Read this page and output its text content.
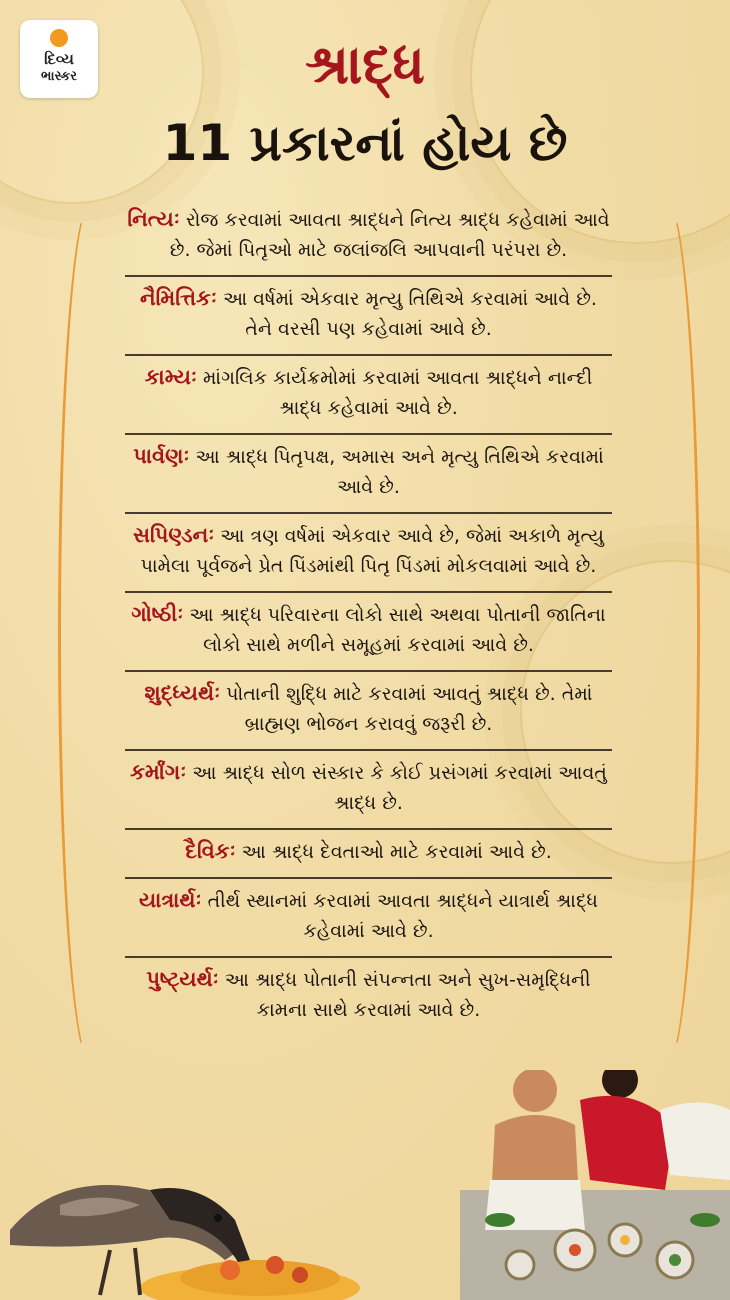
દિવ્ય
ભાસ્કર	શ્રાદ્ધ
11 પ્રકારનાં હોય છે
નિત્યઃ રોજ કરવામાં આવતા શ્રાદ્ધને નિત્ય શ્રાદ્ધ કહેવામાં આવે છે. જેમાં પિતૃઓ માટે જલાંજલિ આપવાની પરંપરા છે.
નૈમિત્તિકઃ આ વર્ષમાં એકવાર મૃત્યુ તિથિએ કરવામાં આવે છે. તેને વરસી પણ કહેવામાં આવે છે.
કામ્યઃ માંગલિક કાર્યક્રમોમાં કરવામાં આવતા શ્રાદ્ધને નાન્દી શ્રાદ્ધ કહેવામાં આવે છે.
પાર્વણઃ આ શ્રાદ્ધ પિતૃપક્ષ, અમાસ અને મૃત્યુ તિથિએ કરવામાં આવે છે.
સપિણ્ડનઃ આ ત્રણ વર્ષમાં એકવાર આવે છે, જેમાં અકાળે મૃત્યુ પામેલા પૂર્વજને પ્રેત પિંડમાંથી પિતૃ પિંડમાં મોકલવામાં આવે છે.
ગોષ્ઠીઃ આ શ્રાદ્ધ પરિવારના લોકો સાથે અથવા પોતાની જાતિના લોકો સાથે મળીને સમૂહમાં કરવામાં આવે છે.
શુદ્ધ્યર્થઃ પોતાની શુદ્ધિ માટે કરવામાં આવતું શ્રાદ્ધ છે. તેમાં બ્રાહ્મણ ભોજન કરાવવું જરૂરી છે.
કર્માંગઃ આ શ્રાદ્ધ સોળ સંસ્કાર કે કોઈ પ્રસંગમાં કરવામાં આવતું શ્રાદ્ધ છે.
દૈવિકઃ આ શ્રાદ્ધ દેવતાઓ માટે કરવામાં આવે છે.
યાત્રાર્થઃ તીર્થ સ્થાનમાં કરવામાં આવતા શ્રાદ્ધને યાત્રાર્થ શ્રાદ્ધ કહેવામાં આવે છે.
પુષ્ટ્યર્થઃ આ શ્રાદ્ધ પોતાની સંપન્નતા અને સુખ-સમૃદ્ધિની કામના સાથે કરવામાં આવે છે.
